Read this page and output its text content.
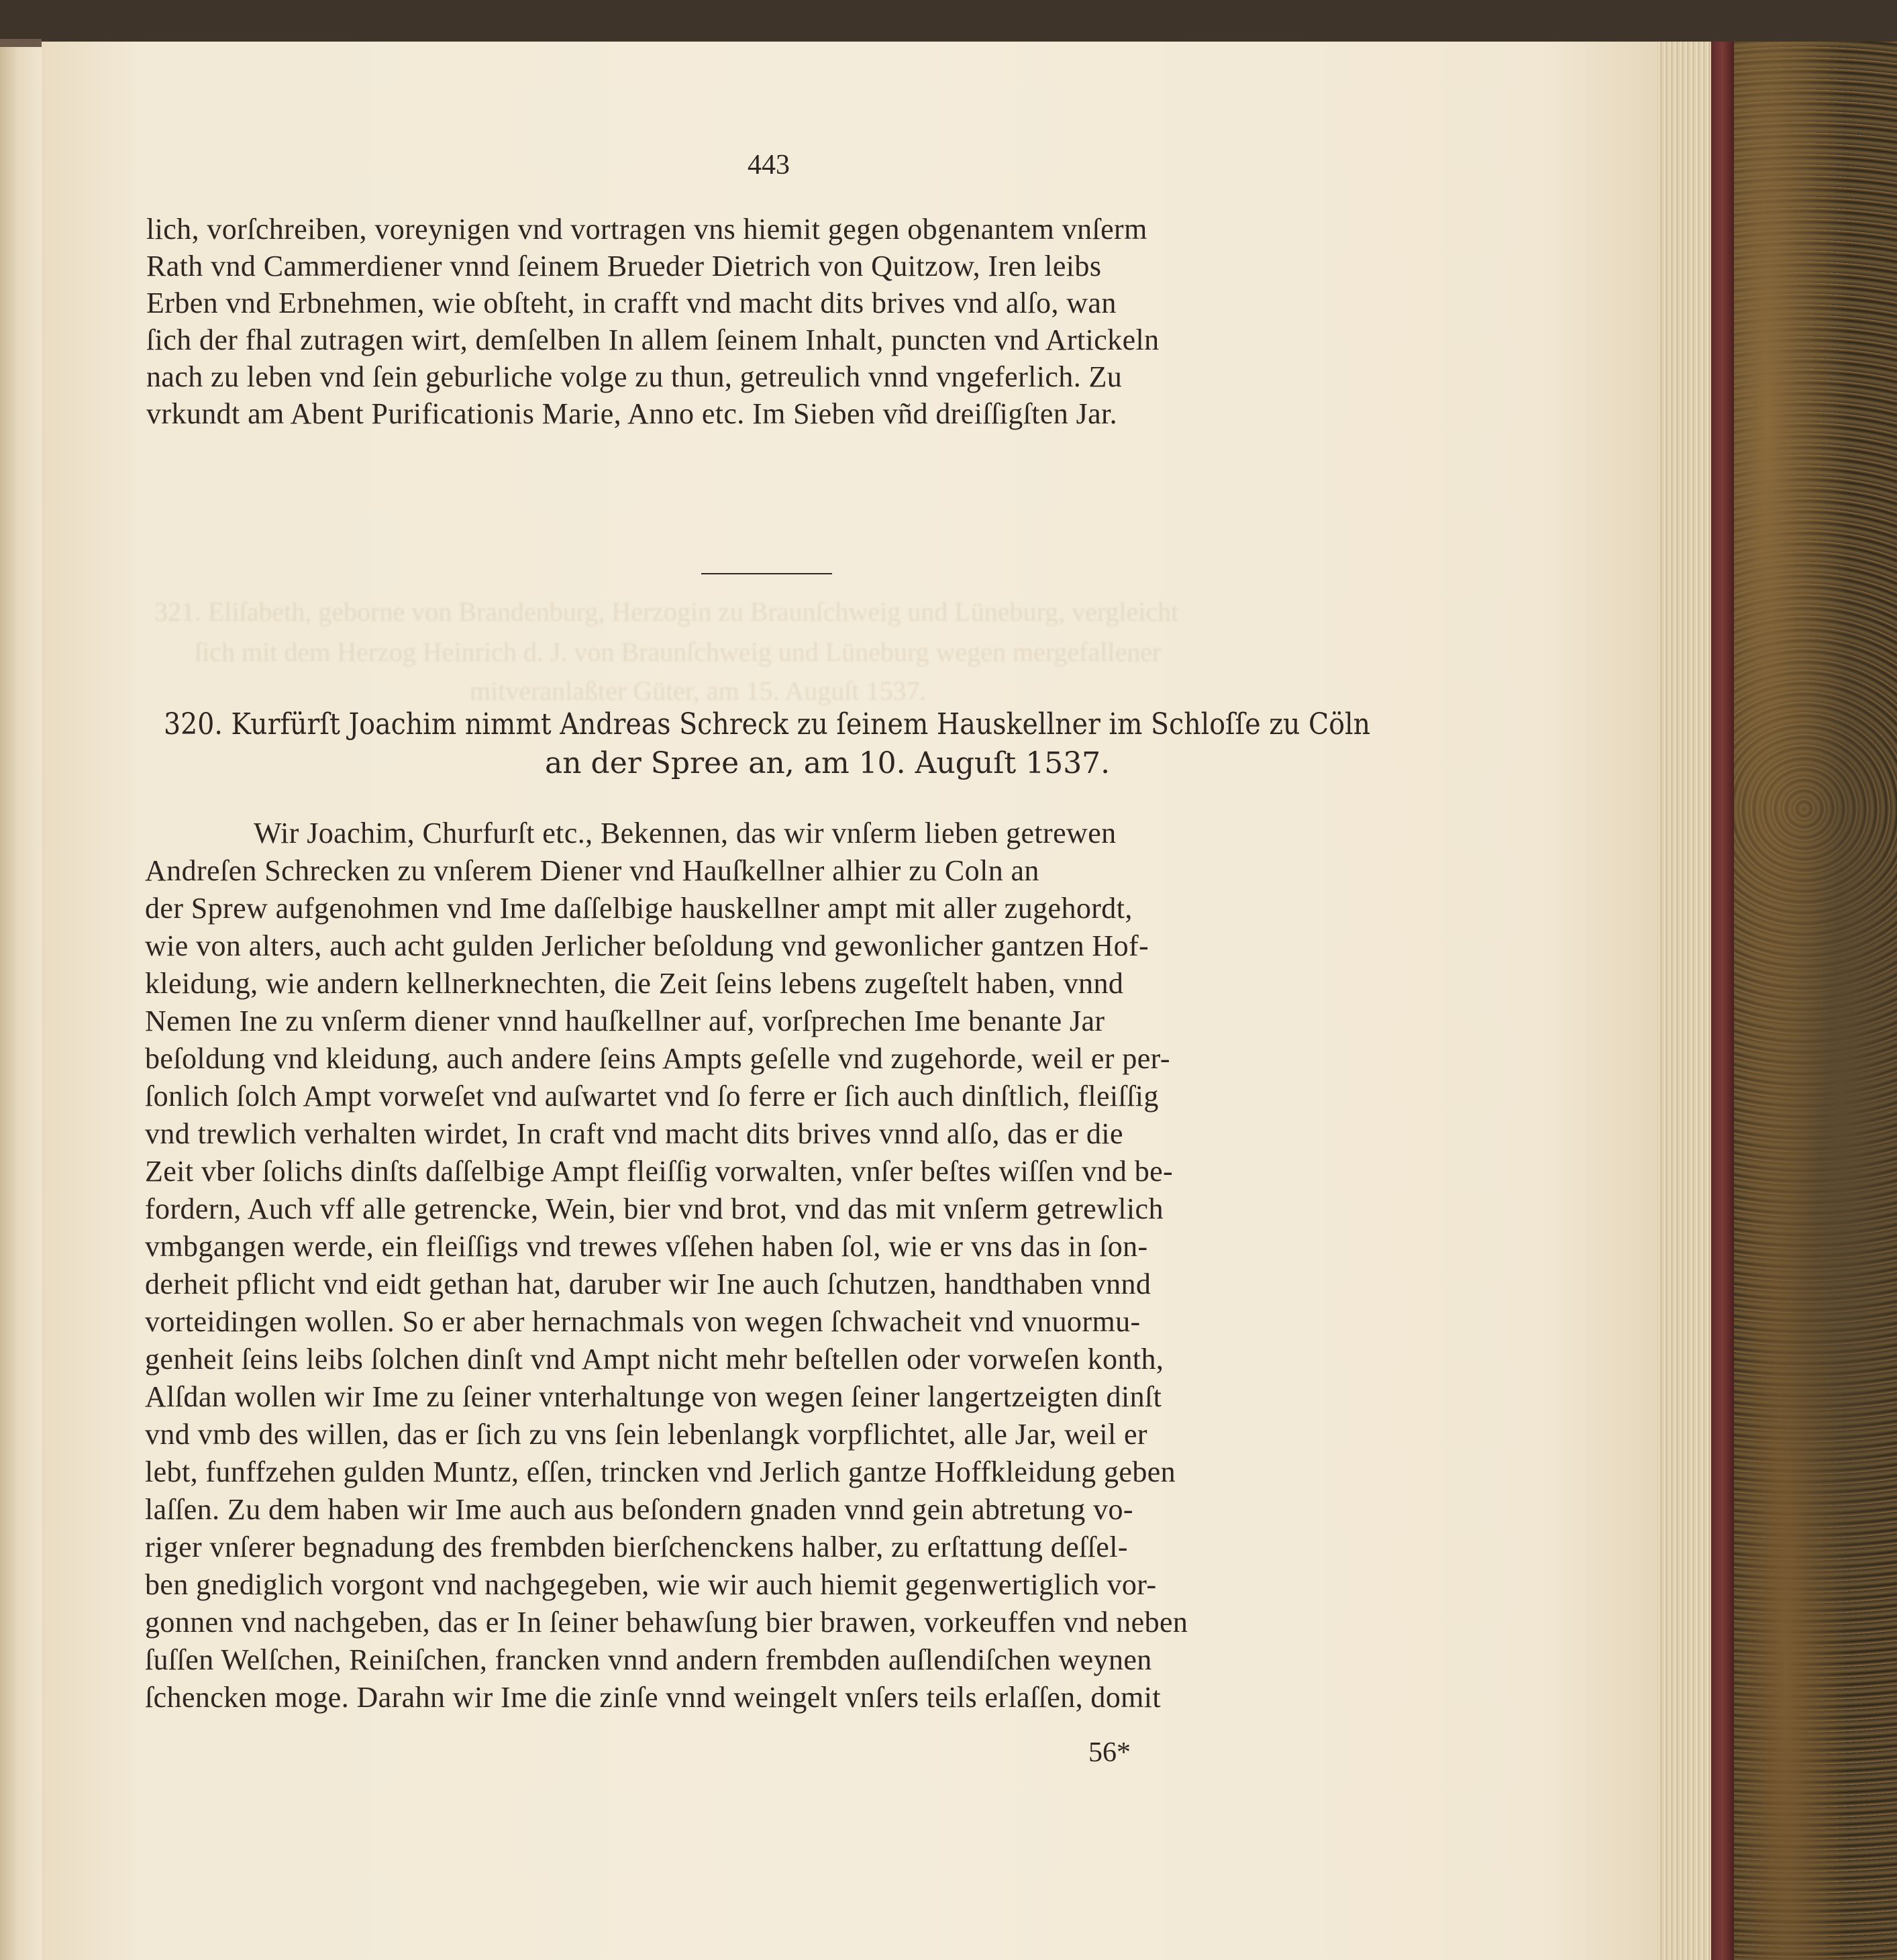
321. Eliſabeth, geborne von Brandenburg, Herzogin zu Braunſchweig und Lüneburg, vergleicht
ſich mit dem Herzog Heinrich d. J. von Braunſchweig und Lüneburg wegen mergefallener
mitveranlaßter Güter, am 15. Auguſt 1537.
443
lich, vorſchreiben, voreynigen vnd vortragen vns hiemit gegen obgenantem vnſerm
Rath vnd Cammerdiener vnnd ſeinem Brueder Dietrich von Quitzow, Iren leibs
Erben vnd Erbnehmen, wie obſteht, in crafft vnd macht dits brives vnd alſo, wan
ſich der fhal zutragen wirt, demſelben In allem ſeinem Inhalt, puncten vnd Artickeln
nach zu leben vnd ſein geburliche volge zu thun, getreulich vnnd vngeferlich. Zu
vrkundt am Abent Purificationis Marie, Anno etc. Im Sieben vñd dreiſſigſten Jar.
320. Kurfürſt Joachim nimmt Andreas Schreck zu ſeinem Hauskellner im Schloſſe zu Cöln
an der Spree an, am 10. Auguſt 1537.
Wir Joachim, Churfurſt etc., Bekennen, das wir vnſerm lieben getrewen
Andreſen Schrecken zu vnſerem Diener vnd Hauſkellner alhier zu Coln an
der Sprew aufgenohmen vnd Ime daſſelbige hauskellner ampt mit aller zugehordt,
wie von alters, auch acht gulden Jerlicher beſoldung vnd gewonlicher gantzen Hof-
kleidung, wie andern kellnerknechten, die Zeit ſeins lebens zugeſtelt haben, vnnd
Nemen Ine zu vnſerm diener vnnd hauſkellner auf, vorſprechen Ime benante Jar
beſoldung vnd kleidung, auch andere ſeins Ampts geſelle vnd zugehorde, weil er per-
ſonlich ſolch Ampt vorweſet vnd auſwartet vnd ſo ferre er ſich auch dinſtlich, fleiſſig
vnd trewlich verhalten wirdet, In craft vnd macht dits brives vnnd alſo, das er die
Zeit vber ſolichs dinſts daſſelbige Ampt fleiſſig vorwalten, vnſer beſtes wiſſen vnd be-
fordern, Auch vff alle getrencke, Wein, bier vnd brot, vnd das mit vnſerm getrewlich
vmbgangen werde, ein fleiſſigs vnd trewes vſſehen haben ſol, wie er vns das in ſon-
derheit pflicht vnd eidt gethan hat, daruber wir Ine auch ſchutzen, handthaben vnnd
vorteidingen wollen. So er aber hernachmals von wegen ſchwacheit vnd vnuormu-
genheit ſeins leibs ſolchen dinſt vnd Ampt nicht mehr beſtellen oder vorweſen konth,
Alſdan wollen wir Ime zu ſeiner vnterhaltunge von wegen ſeiner langertzeigten dinſt
vnd vmb des willen, das er ſich zu vns ſein lebenlangk vorpflichtet, alle Jar, weil er
lebt, funffzehen gulden Muntz, eſſen, trincken vnd Jerlich gantze Hoffkleidung geben
laſſen. Zu dem haben wir Ime auch aus beſondern gnaden vnnd gein abtretung vo-
riger vnſerer begnadung des frembden bierſchenckens halber, zu erſtattung deſſel-
ben gnediglich vorgont vnd nachgegeben, wie wir auch hiemit gegenwertiglich vor-
gonnen vnd nachgeben, das er In ſeiner behawſung bier brawen, vorkeuffen vnd neben
ſuſſen Welſchen, Reiniſchen, francken vnnd andern frembden auſlendiſchen weynen
ſchencken moge. Darahn wir Ime die zinſe vnnd weingelt vnſers teils erlaſſen, domit
56*
